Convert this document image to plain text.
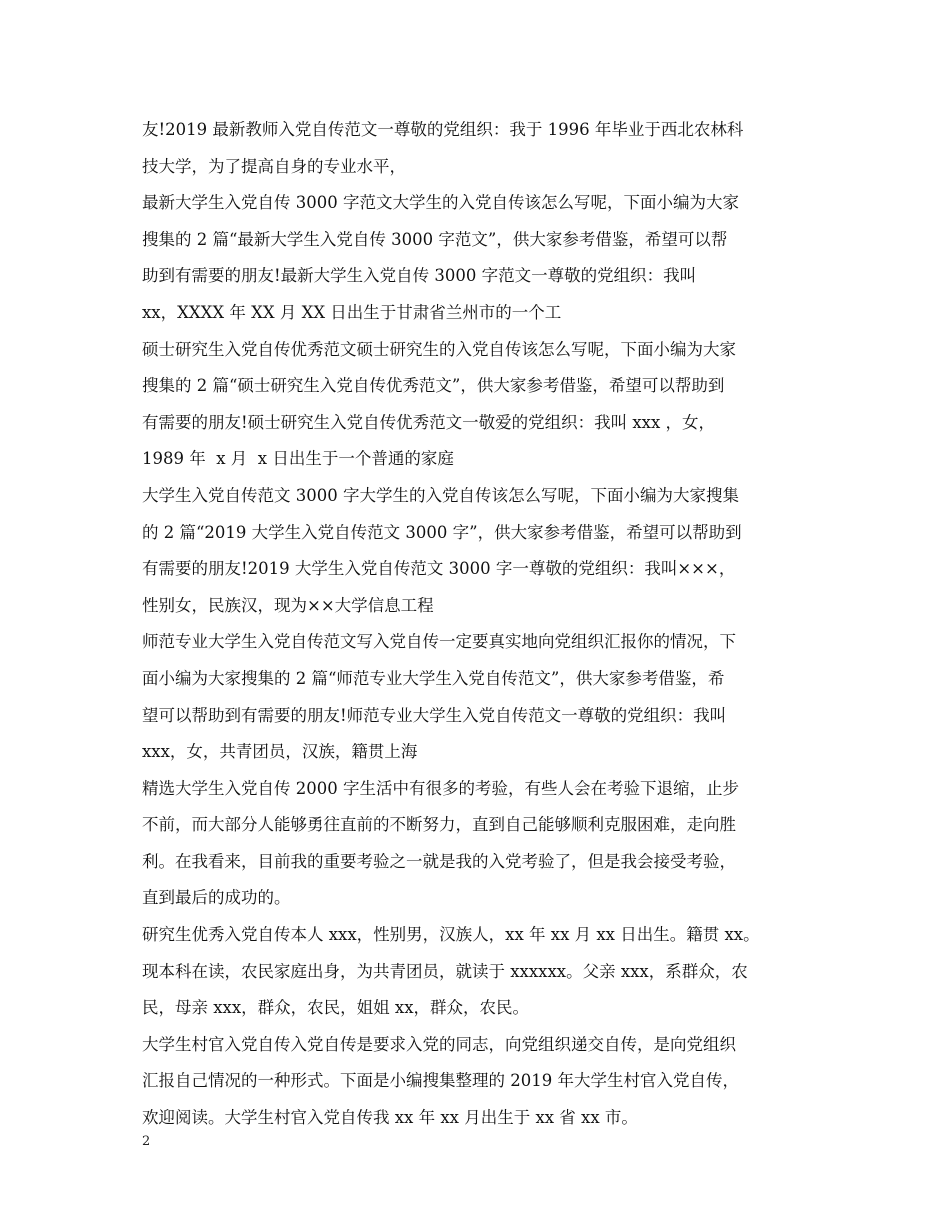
友!2019 最新教师入党自传范文一尊敬的党组织：我于 1996 年毕业于西北农林科
技大学，为了提高自身的专业水平，
最新大学生入党自传 3000 字范文大学生的入党自传该怎么写呢，下面小编为大家
搜集的 2 篇“最新大学生入党自传 3000 字范文”，供大家参考借鉴，希望可以帮
助到有需要的朋友!最新大学生入党自传 3000 字范文一尊敬的党组织：我叫
xx，XXXX 年 XX 月 XX 日出生于甘肃省兰州市的一个工
硕士研究生入党自传优秀范文硕士研究生的入党自传该怎么写呢，下面小编为大家
搜集的 2 篇“硕士研究生入党自传优秀范文”，供大家参考借鉴，希望可以帮助到
有需要的朋友!硕士研究生入党自传优秀范文一敬爱的党组织：我叫 xxx ，女，
1989 年  x 月  x 日出生于一个普通的家庭
大学生入党自传范文 3000 字大学生的入党自传该怎么写呢，下面小编为大家搜集
的 2 篇“2019 大学生入党自传范文 3000 字”，供大家参考借鉴，希望可以帮助到
有需要的朋友!2019 大学生入党自传范文 3000 字一尊敬的党组织：我叫×××，
性别女，民族汉，现为××大学信息工程
师范专业大学生入党自传范文写入党自传一定要真实地向党组织汇报你的情况，下
面小编为大家搜集的 2 篇“师范专业大学生入党自传范文”，供大家参考借鉴，希
望可以帮助到有需要的朋友!师范专业大学生入党自传范文一尊敬的党组织：我叫
xxx，女，共青团员，汉族，籍贯上海
精选大学生入党自传 2000 字生活中有很多的考验，有些人会在考验下退缩，止步
不前，而大部分人能够勇往直前的不断努力，直到自己能够顺利克服困难，走向胜
利。在我看来，目前我的重要考验之一就是我的入党考验了，但是我会接受考验，
直到最后的成功的。
研究生优秀入党自传本人 xxx，性别男，汉族人，xx 年 xx 月 xx 日出生。籍贯 xx。
现本科在读，农民家庭出身，为共青团员，就读于 xxxxxx。父亲 xxx，系群众，农
民，母亲 xxx，群众，农民，姐姐 xx，群众，农民。
大学生村官入党自传入党自传是要求入党的同志，向党组织递交自传，是向党组织
汇报自己情况的一种形式。下面是小编搜集整理的 2019 年大学生村官入党自传，
欢迎阅读。大学生村官入党自传我 xx 年 xx 月出生于 xx 省 xx 市。
2
